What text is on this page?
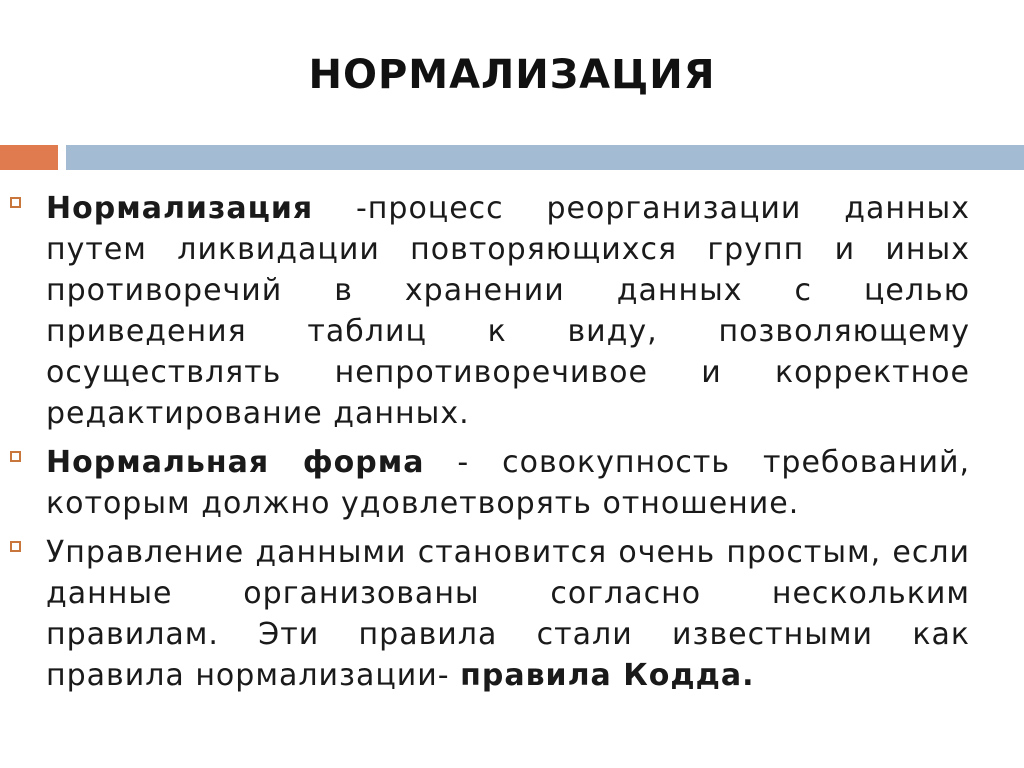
НОРМАЛИЗАЦИЯ
Нормализация -процесс реорганизации данных путем ликвидации повторяющихся групп и иных противоречий в хранении данных с целью приведения таблиц к виду, позволяющему осуществлять непротиворечивое и корректное редактирование данных.
Нормальная форма - совокупность требований, которым должно удовлетворять отношение.
Управление данными становится очень простым, если данные организованы согласно нескольким правилам. Эти правила стали известными как правила нормализации- правила Кодда.
